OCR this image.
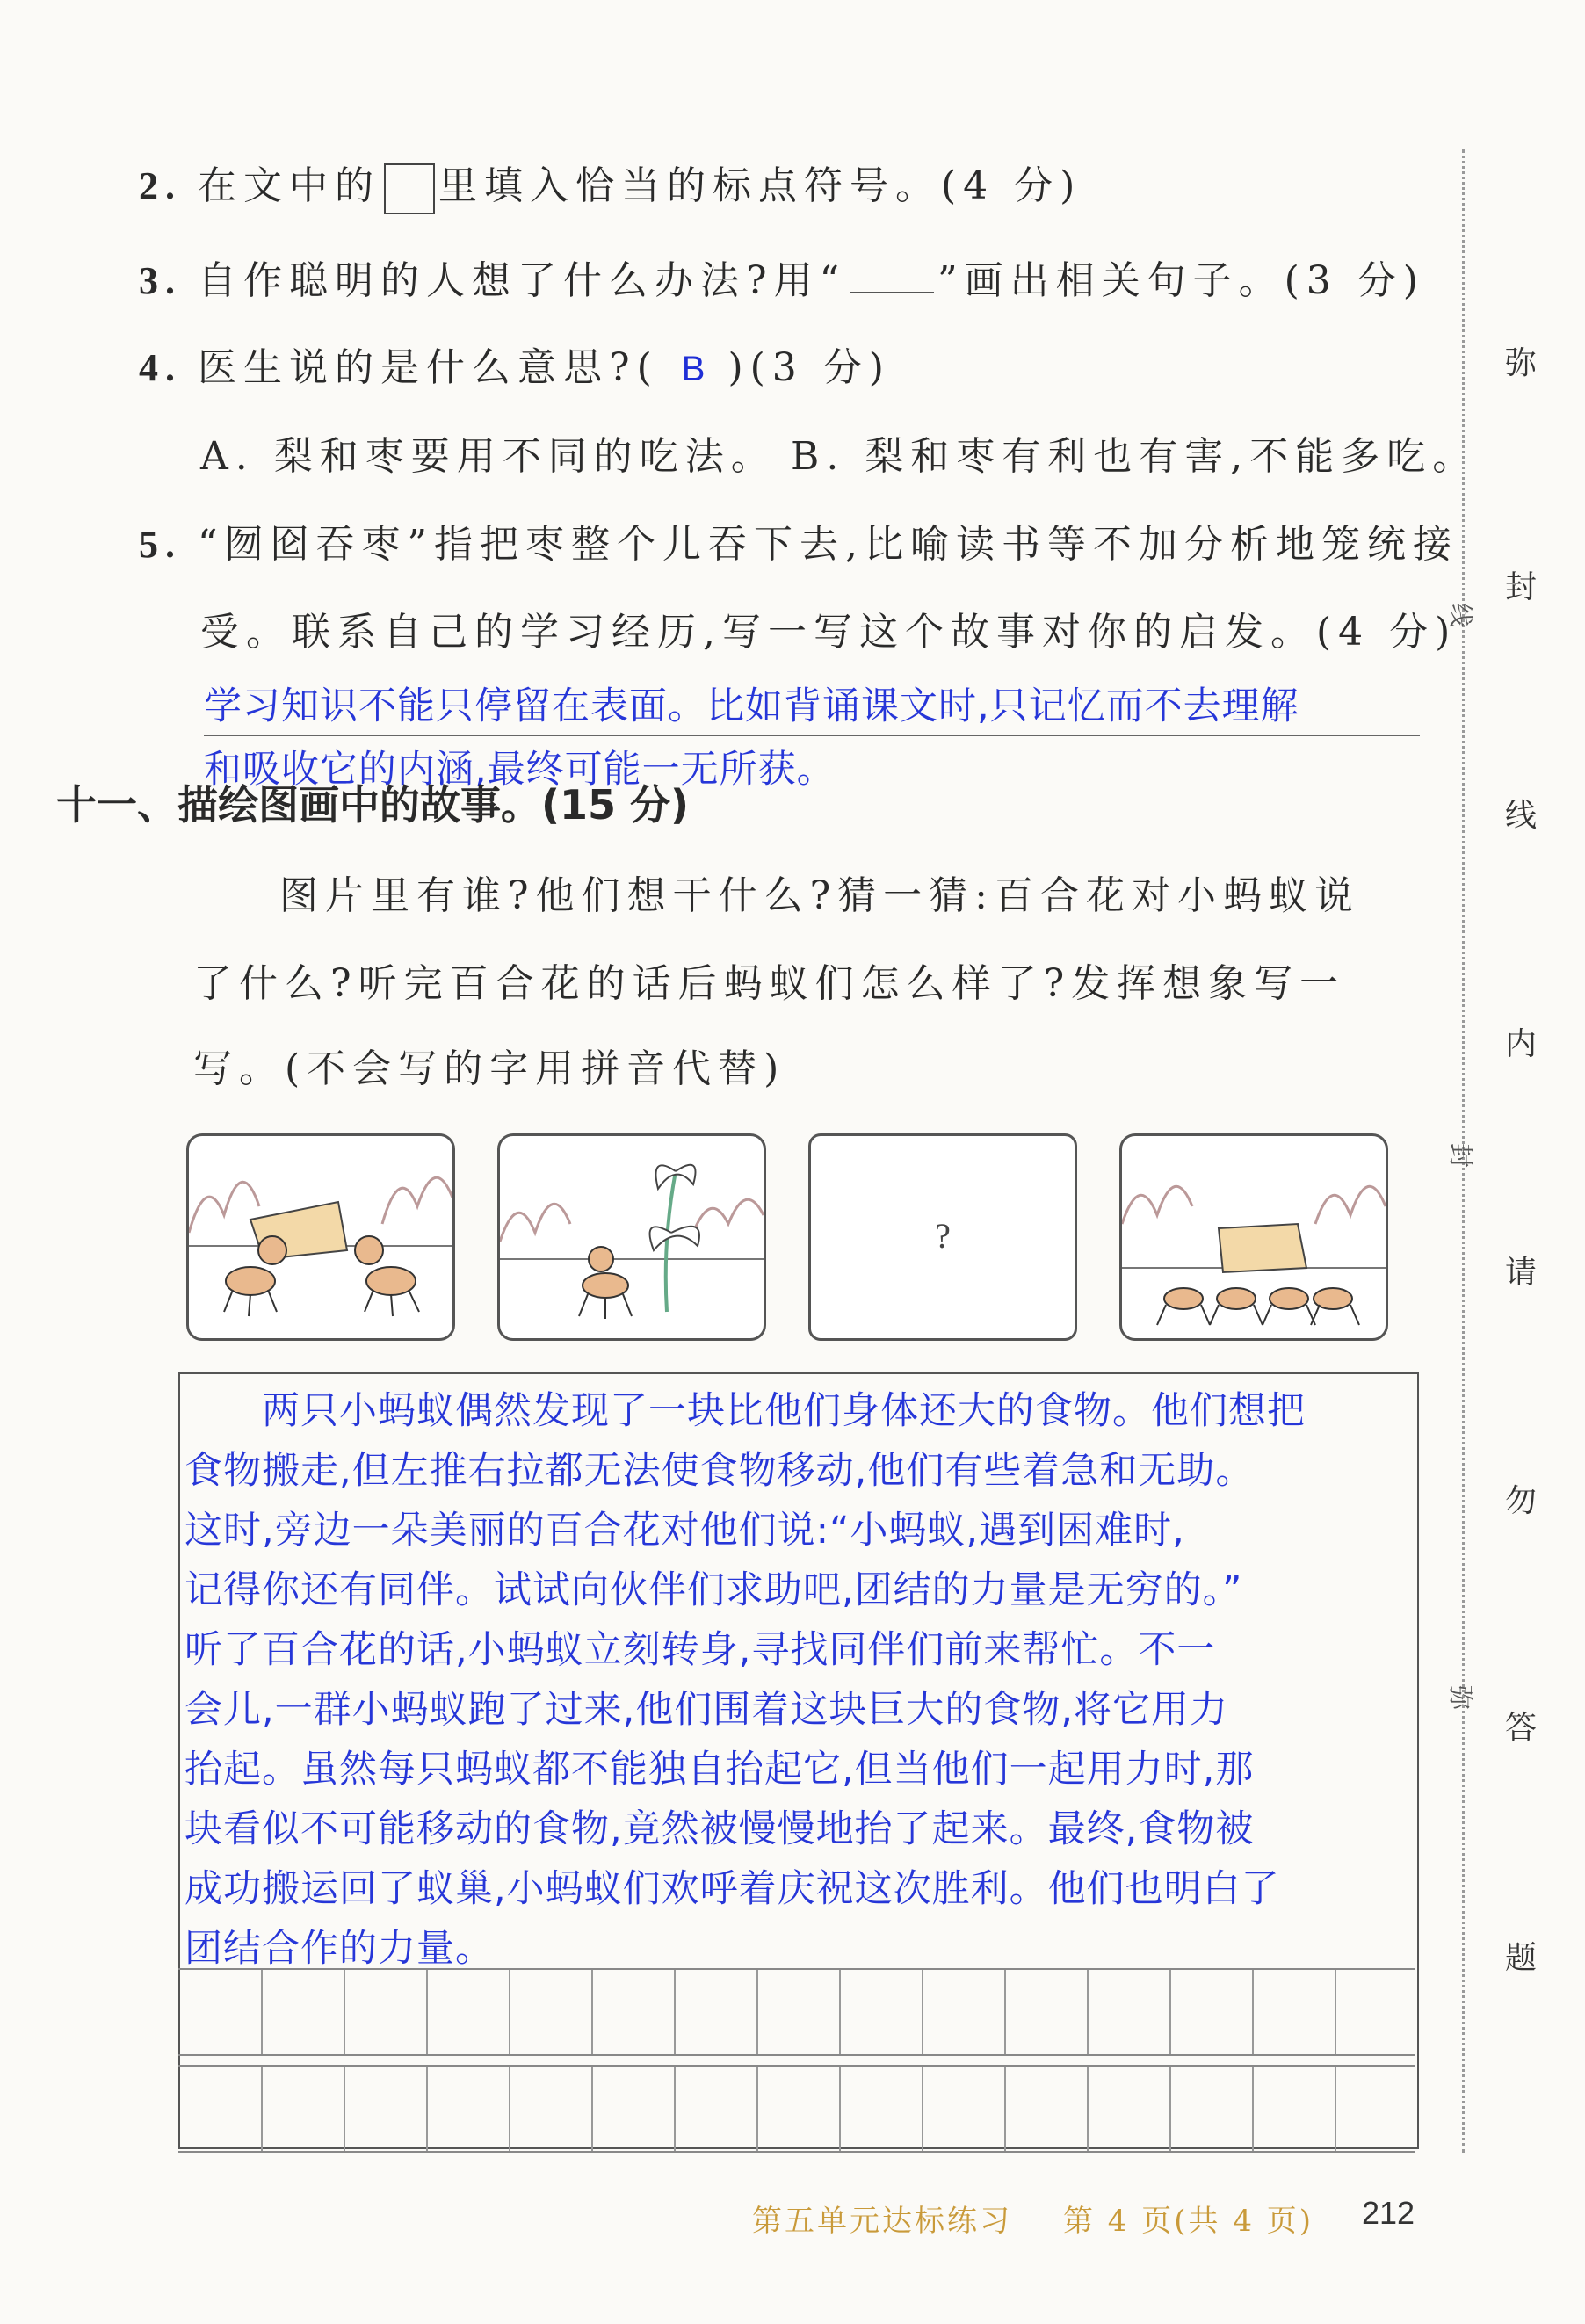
2. 在文中的 里填入恰当的标点符号。(4 分)
3. 自作聪明的人想了什么办法?用“ ”画出相关句子。(3 分)
4. 医生说的是什么意思?( B )(3 分)
A. 梨和枣要用不同的吃法。 B. 梨和枣有利也有害,不能多吃。
5. “囫囵吞枣”指把枣整个儿吞下去,比喻读书等不加分析地笼统接
受。联系自己的学习经历,写一写这个故事对你的启发。(4 分)
学习知识不能只停留在表面。比如背诵课文时,只记忆而不去理解
和吸收它的内涵,最终可能一无所获。
十一、描绘图画中的故事。(15 分)
图片里有谁?他们想干什么?猜一猜:百合花对小蚂蚁说
了什么?听完百合花的话后蚂蚁们怎么样了?发挥想象写一
写。(不会写的字用拼音代替)
?
　　两只小蚂蚁偶然发现了一块比他们身体还大的食物。他们想把
食物搬走,但左推右拉都无法使食物移动,他们有些着急和无助。
这时,旁边一朵美丽的百合花对他们说:“小蚂蚁,遇到困难时,
记得你还有同伴。试试向伙伴们求助吧,团结的力量是无穷的。”
听了百合花的话,小蚂蚁立刻转身,寻找同伴们前来帮忙。不一
会儿,一群小蚂蚁跑了过来,他们围着这块巨大的食物,将它用力
抬起。虽然每只蚂蚁都不能独自抬起它,但当他们一起用力时,那
块看似不可能移动的食物,竟然被慢慢地抬了起来。最终,食物被
成功搬运回了蚁巢,小蚂蚁们欢呼着庆祝这次胜利。他们也明白了
团结合作的力量。
弥
封
线
内
请
勿
答
题
线
封
弥
第五单元达标练习 第 4 页(共 4 页) 212
